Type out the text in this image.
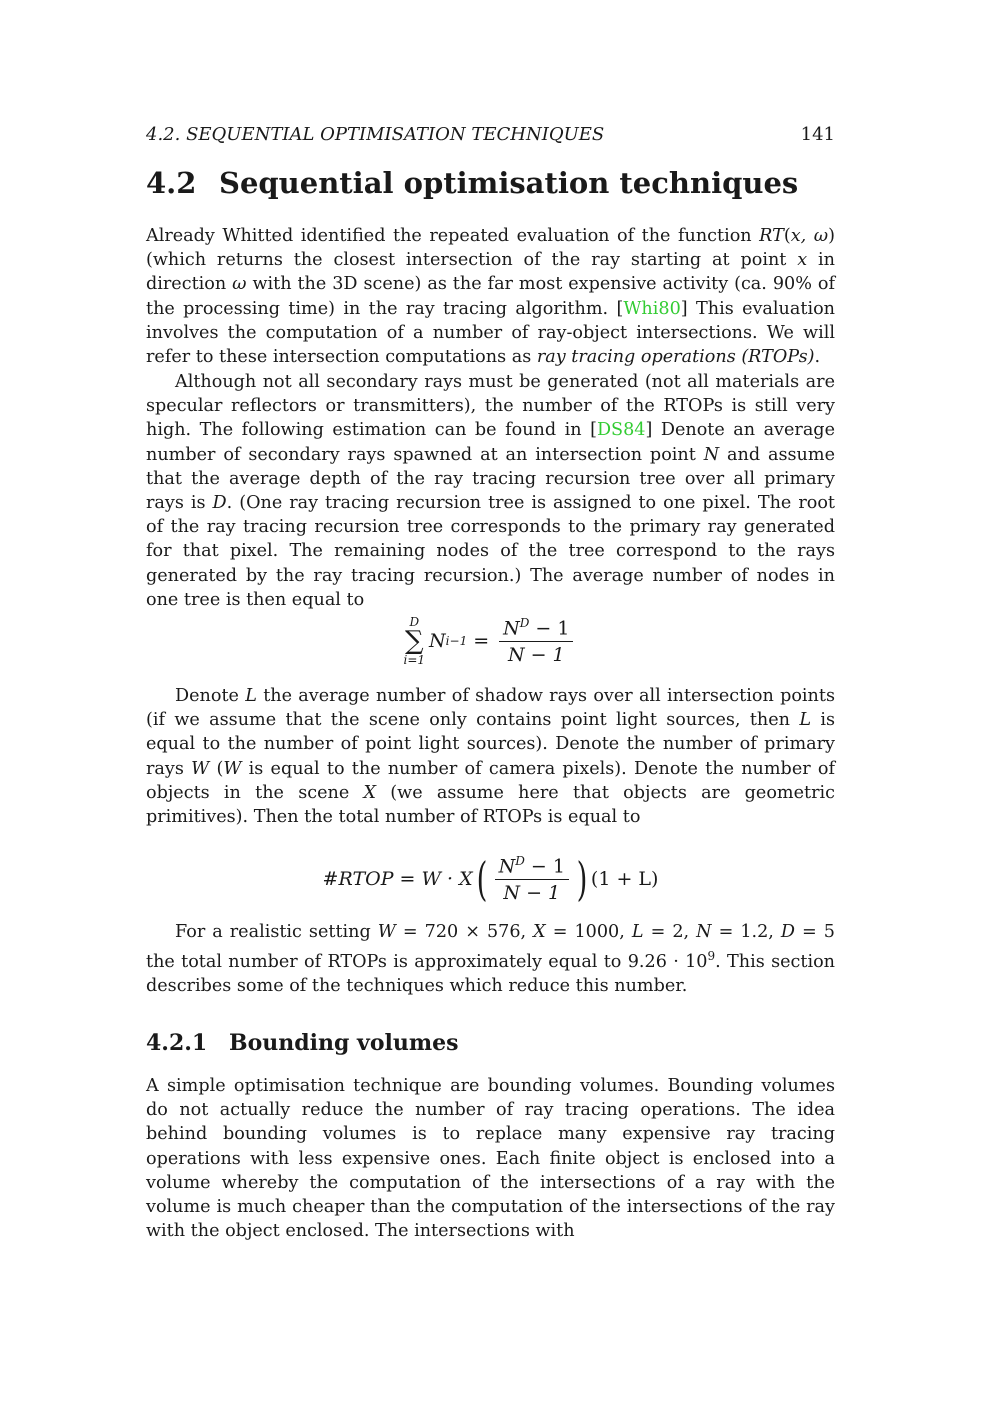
4.2. SEQUENTIAL OPTIMISATION TECHNIQUES	141
4.2 Sequential optimisation techniques

Already Whitted identified the repeated evaluation of the function RT(x, ω) (which returns the closest intersection of the ray starting at point x in direction ω with the 3D scene) as the far most expensive activity (ca. 90% of the processing time) in the ray tracing algorithm. [Whi80] This evaluation involves the computation of a number of ray-object intersections. We will refer to these intersection computations as ray tracing operations (RTOPs).

Although not all secondary rays must be generated (not all materials are specular reflectors or transmitters), the number of the RTOPs is still very high. The following estimation can be found in [DS84] Denote an average number of secondary rays spawned at an intersection point N and assume that the average depth of the ray tracing recursion tree over all primary rays is D. (One ray tracing recursion tree is assigned to one pixel. The root of the ray tracing recursion tree corresponds to the primary ray generated for that pixel. The remaining nodes of the tree correspond to the rays generated by the ray tracing recursion.) The average number of nodes in one tree is then equal to

D
∑
i=1
N $i-1 = \frac{N^D - 1}{N - 1}$

Denote L the average number of shadow rays over all intersection points (if we assume that the scene only contains point light sources, then L is equal to the number of point light sources). Denote the number of primary rays W (W is equal to the number of camera pixels). Denote the number of objects in the scene X (we assume here that objects are geometric primitives). Then the total number of RTOPs is equal to

#RTOP = W · X ( $\frac{N^D - 1}{N - 1}$ ) (1 + L)

For a realistic setting W = 720 × 576, X = 1000, L = 2, N = 1.2, D = 5 the total number of RTOPs is approximately equal to $9.26 \cdot 10^9$. This section describes some of the techniques which reduce this number.

4.2.1 Bounding volumes

A simple optimisation technique are bounding volumes. Bounding volumes do not actually reduce the number of ray tracing operations. The idea behind bounding volumes is to replace many expensive ray tracing operations with less expensive ones. Each finite object is enclosed into a volume whereby the computation of the intersections of a ray with the volume is much cheaper than the computation of the intersections of the ray with the object enclosed. The intersections with
